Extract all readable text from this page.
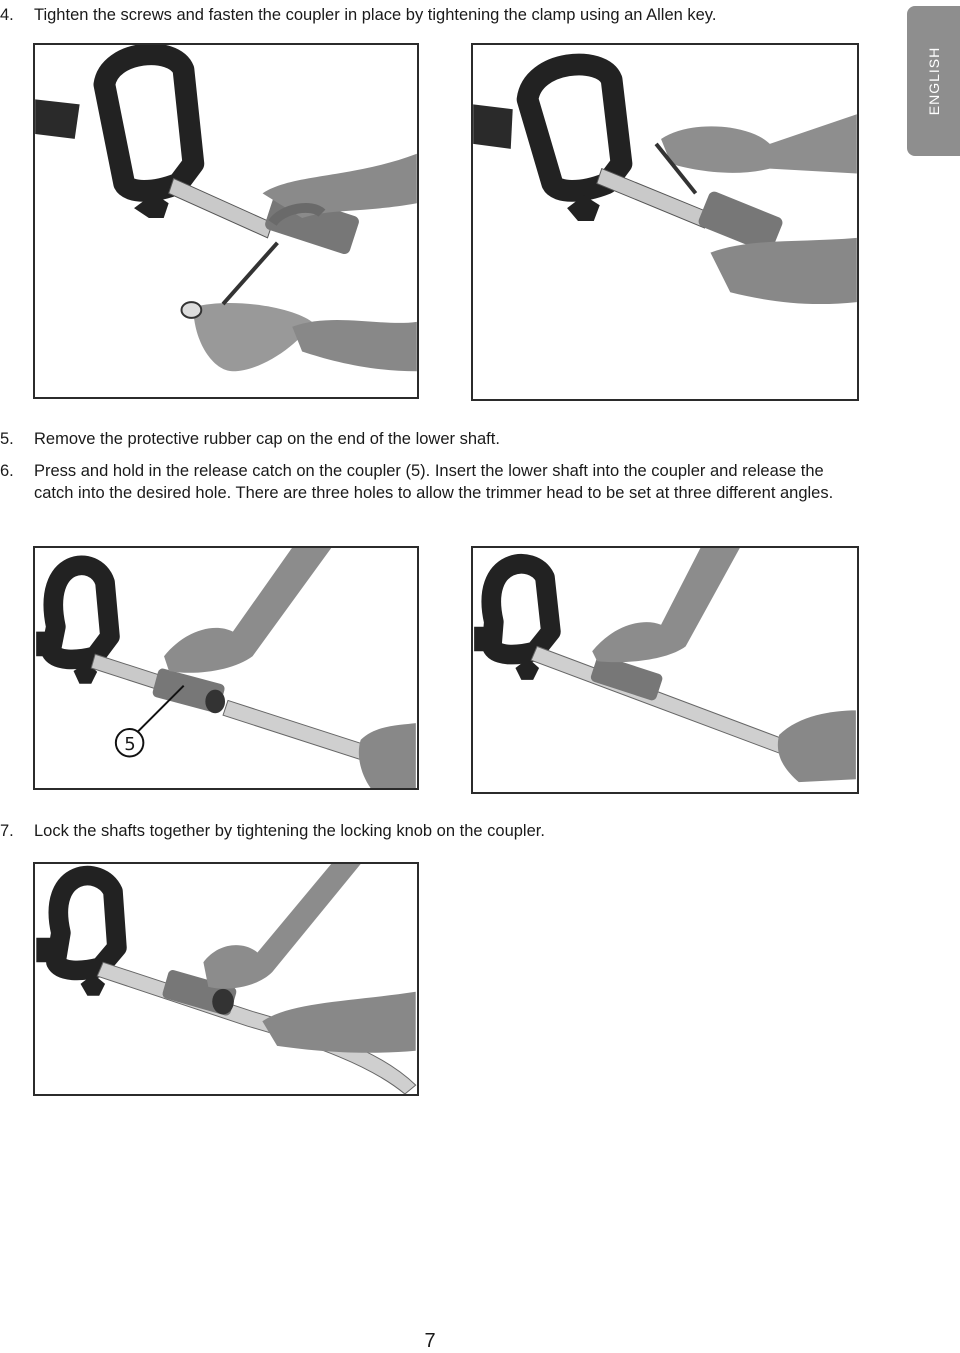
ENGLISH
4. Tighten the screws and fasten the coupler in place by tightening the clamp using an Allen key.
5. Remove the protective rubber cap on the end of the lower shaft.
6. Press and hold in the release catch on the coupler (5). Insert the lower shaft into the coupler and release the catch into the desired hole. There are three holes to allow the trimmer head to be set at three different angles.
5
7. Lock the shafts together by tightening the locking knob on the coupler.
7
